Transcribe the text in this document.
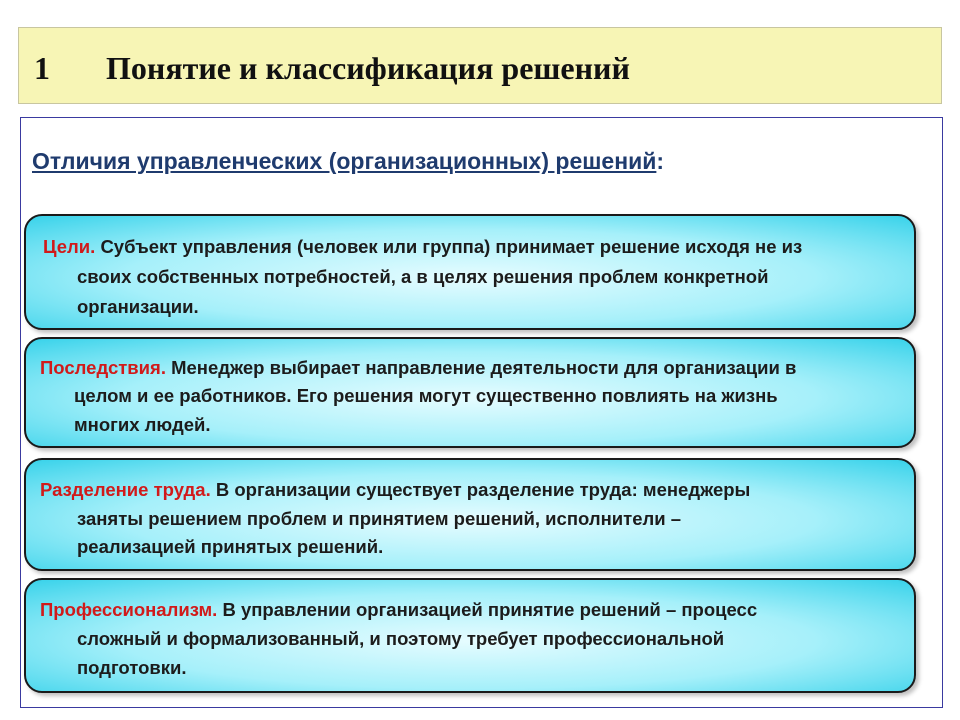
1 Понятие и классификация решений
Отличия управленческих (организационных) решений:
Цели. Субъект управления (человек или группа) принимает решение исходя не из
своих собственных потребностей, а в целях решения проблем конкретной
организации.
Последствия. Менеджер выбирает направление деятельности для организации в
целом и ее работников. Его решения могут существенно повлиять на жизнь
многих людей.
Разделение труда. В организации существует разделение труда: менеджеры
заняты решением проблем и принятием решений, исполнители –
реализацией принятых решений.
Профессионализм. В управлении организацией принятие решений – процесс
сложный и формализованный, и поэтому требует профессиональной
подготовки.
